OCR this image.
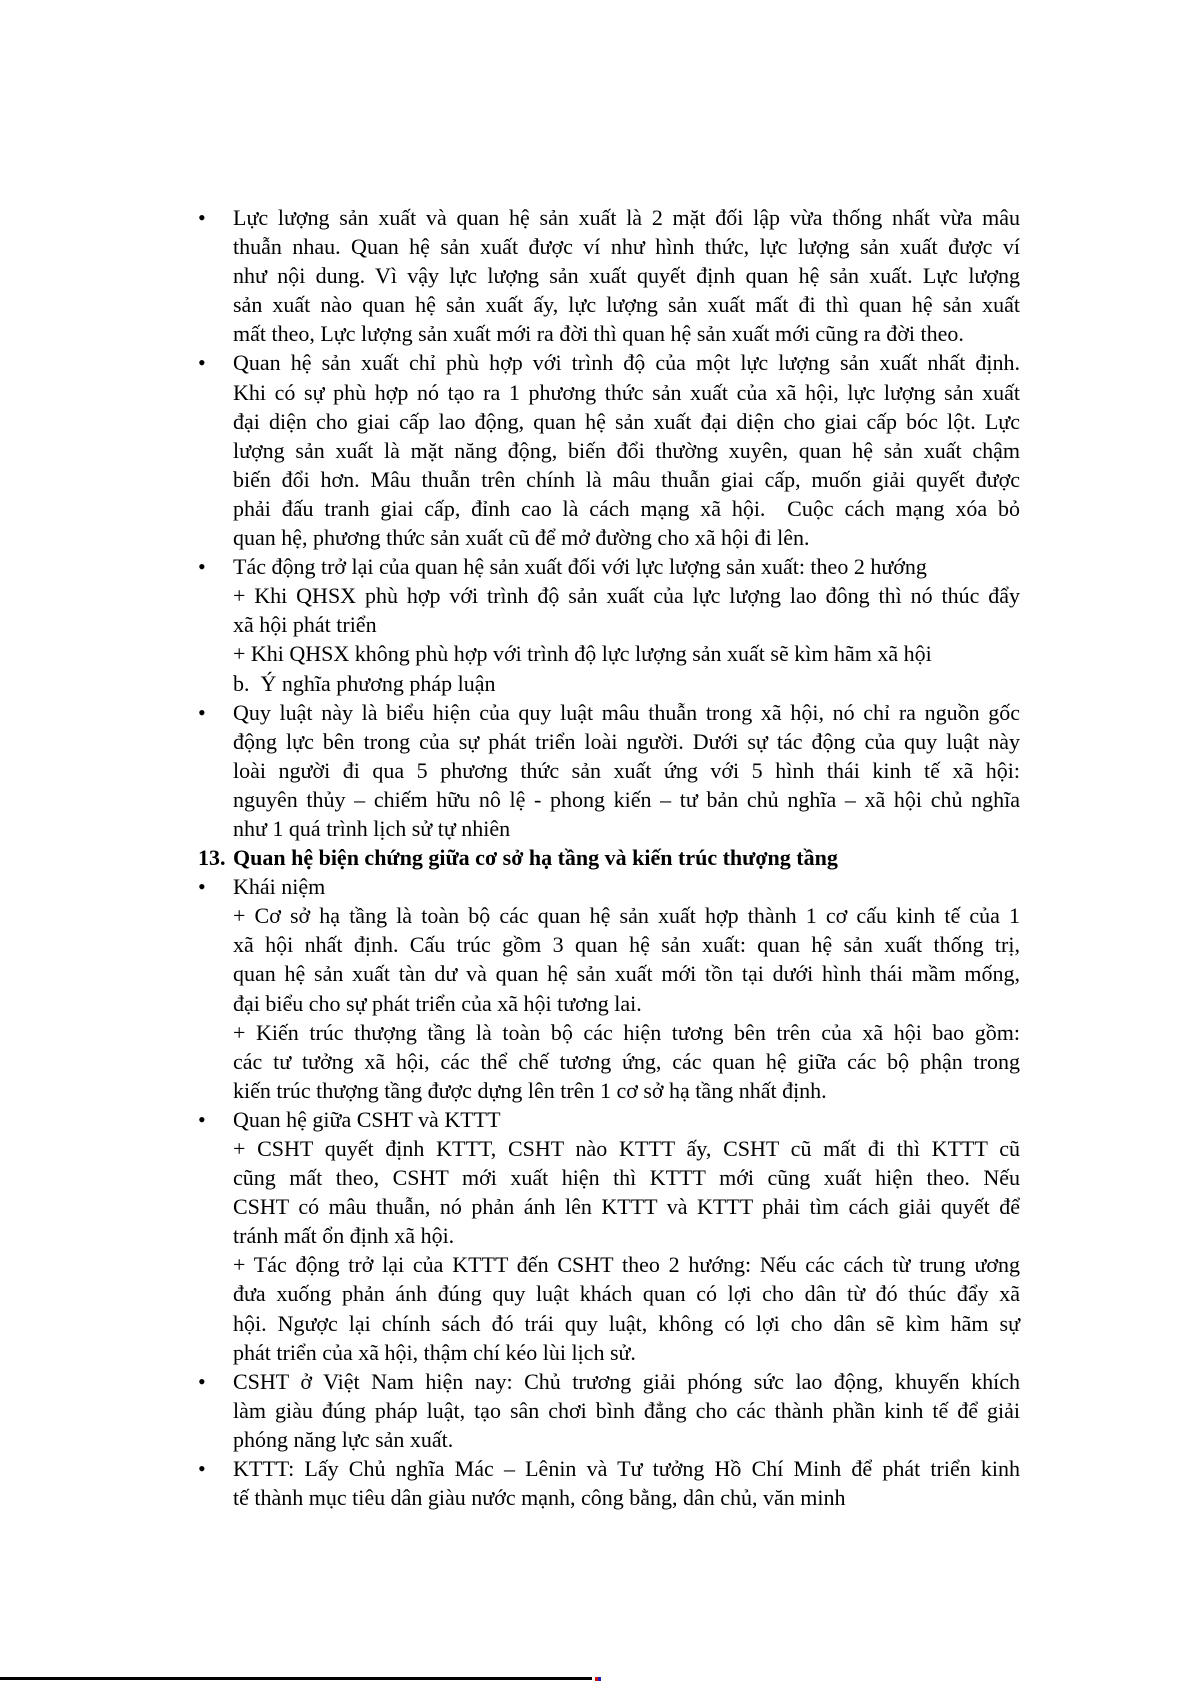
•	Lực lượng sản xuất và quan hệ sản xuất là 2 mặt đối lập vừa thống nhất vừa mâu
thuẫn nhau. Quan hệ sản xuất được ví như hình thức, lực lượng sản xuất được ví
như nội dung. Vì vậy lực lượng sản xuất quyết định quan hệ sản xuất. Lực lượng
sản xuất nào quan hệ sản xuất ấy, lực lượng sản xuất mất đi thì quan hệ sản xuất
mất theo, Lực lượng sản xuất mới ra đời thì quan hệ sản xuất mới cũng ra đời theo.
•	Quan hệ sản xuất chỉ phù hợp với trình độ của một lực lượng sản xuất nhất định.
Khi có sự phù hợp nó tạo ra 1 phương thức sản xuất của xã hội, lực lượng sản xuất
đại diện cho giai cấp lao động, quan hệ sản xuất đại diện cho giai cấp bóc lột. Lực
lượng sản xuất là mặt năng động, biến đổi thường xuyên, quan hệ sản xuất chậm
biến đổi hơn. Mâu thuẫn trên chính là mâu thuẫn giai cấp, muốn giải quyết được
phải đấu tranh giai cấp, đỉnh cao là cách mạng xã hội.  Cuộc cách mạng xóa bỏ
quan hệ, phương thức sản xuất cũ để mở đường cho xã hội đi lên.
•	Tác động trở lại của quan hệ sản xuất đối với lực lượng sản xuất: theo 2 hướng
+ Khi QHSX phù hợp với trình độ sản xuất của lực lượng lao đông thì nó thúc đẩy
xã hội phát triển
+ Khi QHSX không phù hợp với trình độ lực lượng sản xuất sẽ kìm hãm xã hội
b.  Ý nghĩa phương pháp luận
•	Quy luật này là biểu hiện của quy luật mâu thuẫn trong xã hội, nó chỉ ra nguồn gốc
động lực bên trong của sự phát triển loài người. Dưới sự tác động của quy luật này
loài người đi qua 5 phương thức sản xuất ứng với 5 hình thái kinh tế xã hội:
nguyên thủy – chiếm hữu nô lệ - phong kiến – tư bản chủ nghĩa – xã hội chủ nghĩa
như 1 quá trình lịch sử tự nhiên
13. Quan hệ biện chứng giữa cơ sở hạ tầng và kiến trúc thượng tầng
•	Khái niệm
+ Cơ sở hạ tầng là toàn bộ các quan hệ sản xuất hợp thành 1 cơ cấu kinh tế của 1
xã hội nhất định. Cấu trúc gồm 3 quan hệ sản xuất: quan hệ sản xuất thống trị,
quan hệ sản xuất tàn dư và quan hệ sản xuất mới tồn tại dưới hình thái mầm mống,
đại biểu cho sự phát triển của xã hội tương lai.
+ Kiến trúc thượng tầng là toàn bộ các hiện tương bên trên của xã hội bao gồm:
các tư tưởng xã hội, các thể chế tương ứng, các quan hệ giữa các bộ phận trong
kiến trúc thượng tầng được dựng lên trên 1 cơ sở hạ tầng nhất định.
•	Quan hệ giữa CSHT và KTTT
+ CSHT quyết định KTTT, CSHT nào KTTT ấy, CSHT cũ mất đi thì KTTT cũ
cũng mất theo, CSHT mới xuất hiện thì KTTT mới cũng xuất hiện theo. Nếu
CSHT có mâu thuẫn, nó phản ánh lên KTTT và KTTT phải tìm cách giải quyết để
tránh mất ổn định xã hội.
+ Tác động trở lại của KTTT đến CSHT theo 2 hướng: Nếu các cách từ trung ương
đưa xuống phản ánh đúng quy luật khách quan có lợi cho dân từ đó thúc đẩy xã
hội. Ngược lại chính sách đó trái quy luật, không có lợi cho dân sẽ kìm hãm sự
phát triển của xã hội, thậm chí kéo lùi lịch sử.
•	CSHT ở Việt Nam hiện nay: Chủ trương giải phóng sức lao động, khuyến khích
làm giàu đúng pháp luật, tạo sân chơi bình đẳng cho các thành phần kinh tế để giải
phóng năng lực sản xuất.
•	KTTT: Lấy Chủ nghĩa Mác – Lênin và Tư tưởng Hồ Chí Minh để phát triển kinh
tế thành mục tiêu dân giàu nước mạnh, công bằng, dân chủ, văn minh
